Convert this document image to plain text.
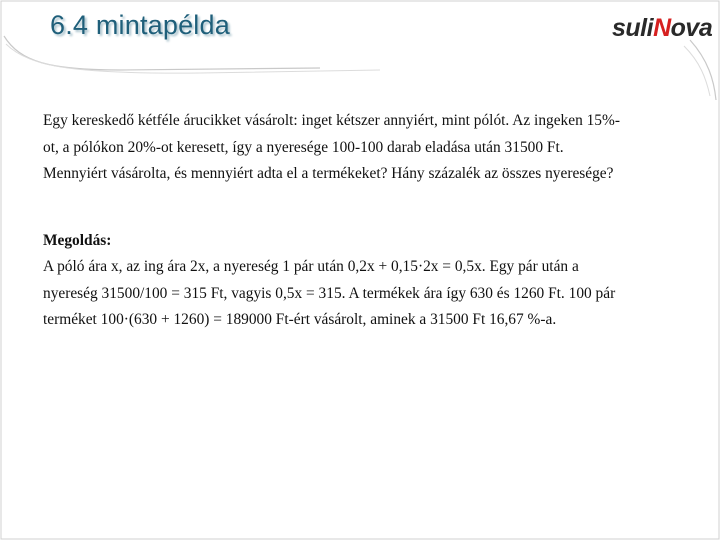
6.4 mintapélda	suliNova

Egy kereskedő kétféle árucikket vásárolt: inget kétszer annyiért, mint pólót. Az ingeken 15%-

ot, a pólókon 20%-ot keresett, így a nyeresége 100-100 darab eladása után 31500 Ft.

Mennyiért vásárolta, és mennyiért adta el a termékeket? Hány százalék az összes nyeresége?

Megoldás:

A póló ára x, az ing ára 2x, a nyereség 1 pár után 0,2x + 0,15·2x = 0,5x. Egy pár után a

nyereség 31500/100 = 315 Ft, vagyis 0,5x = 315. A termékek ára így 630 és 1260 Ft. 100 pár

terméket 100·(630 + 1260) = 189000 Ft-ért vásárolt, aminek a 31500 Ft 16,67 %-a.
